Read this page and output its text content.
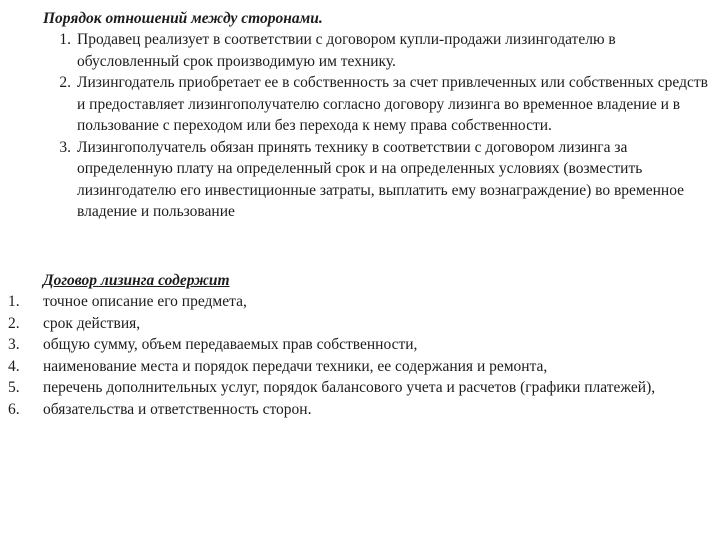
Порядок отношений между сторонами.
1. Продавец реализует в соответствии с договором купли-продажи лизингодателю в обусловленный срок производимую им технику.
2. Лизингодатель приобретает ее в собственность за счет привлеченных или собственных средств и предоставляет лизингополучателю согласно договору лизинга во временное владение и в пользование с переходом или без перехода к нему права собственности.
3. Лизингополучатель обязан принять технику в соответствии с договором лизинга за определенную плату на определенный срок и на определенных условиях (возместить лизингодателю его инвестиционные затраты, выплатить ему вознаграждение) во временное владение и пользование
Договор лизинга содержит
1.	точное описание его предмета,
2.	срок действия,
3.	общую сумму, объем передаваемых прав собственности,
4.	наименование места и порядок передачи техники, ее содержания и ремонта,
5.	перечень дополнительных услуг, порядок балансового учета и расчетов (графики платежей),
6.	обязательства и ответственность сторон.
